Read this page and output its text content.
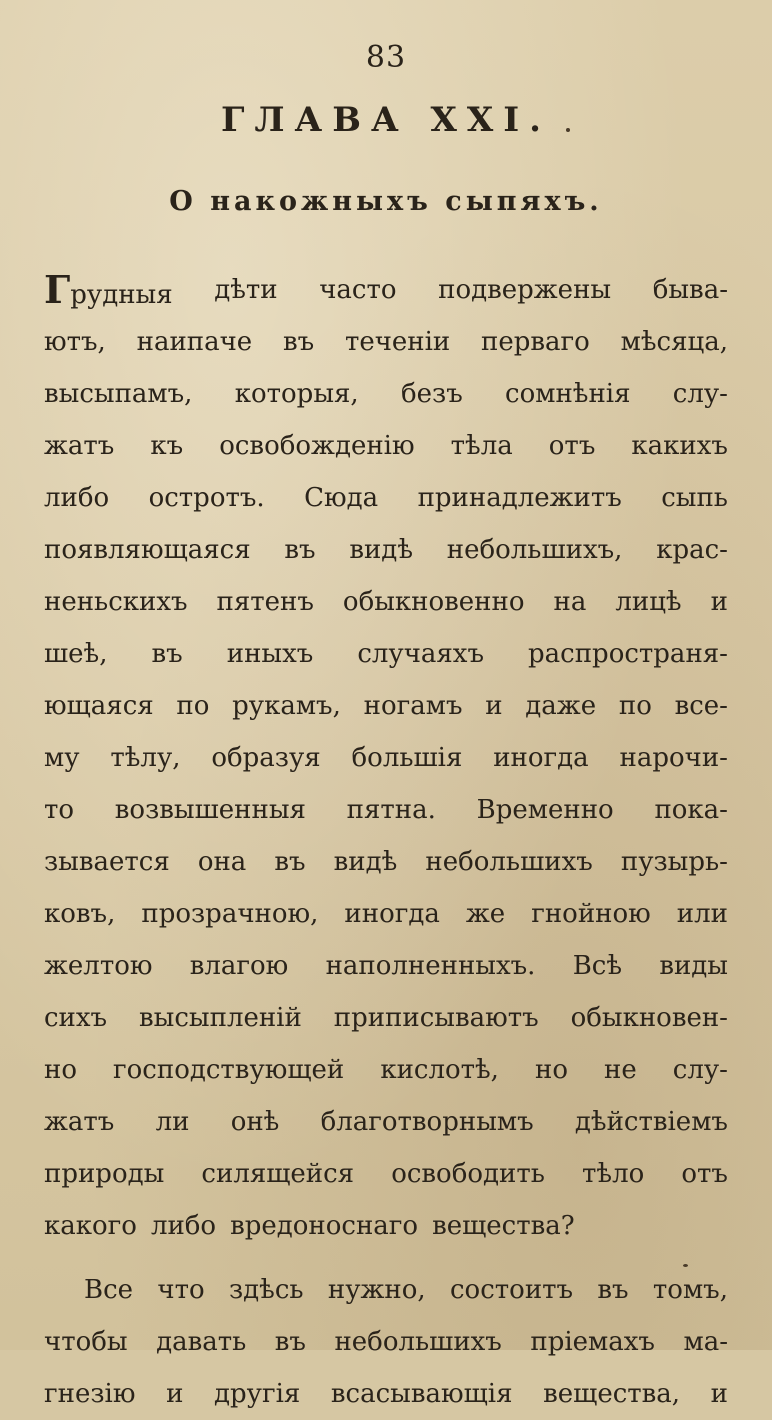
83
ГЛАВА XXI.
О накожныхъ сыпяхъ.
Грудныя дѣти часто подвержены быва-
ютъ, наипаче въ теченіи перваго мѣсяца,
высыпамъ, которыя, безъ сомнѣнія слу-
жатъ къ освобожденію тѣла отъ какихъ
либо остротъ. Сюда принадлежитъ сыпь
появляющаяся въ видѣ небольшихъ, крас-
неньскихъ пятенъ обыкновенно на лицѣ и
шеѣ, въ иныхъ случаяхъ распространя-
ющаяся по рукамъ, ногамъ и даже по все-
му тѣлу, образуя большія иногда нарочи-
то возвышенныя пятна. Временно пока-
зывается она въ видѣ небольшихъ пузырь-
ковъ, прозрачною, иногда же гнойною или
желтою влагою наполненныхъ. Всѣ виды
сихъ высыпленій приписываютъ обыкновен-
но господствующей кислотѣ, но не слу-
жатъ ли онѣ благотворнымъ дѣйствіемъ
природы силящейся освободить тѣло отъ
какого либо вредоноснаго вещества?
Все что здѣсь нужно, состоитъ въ томъ,
чтобы давать въ небольшихъ пріемахъ ма-
гнезію и другія всасывающія вещества, и
